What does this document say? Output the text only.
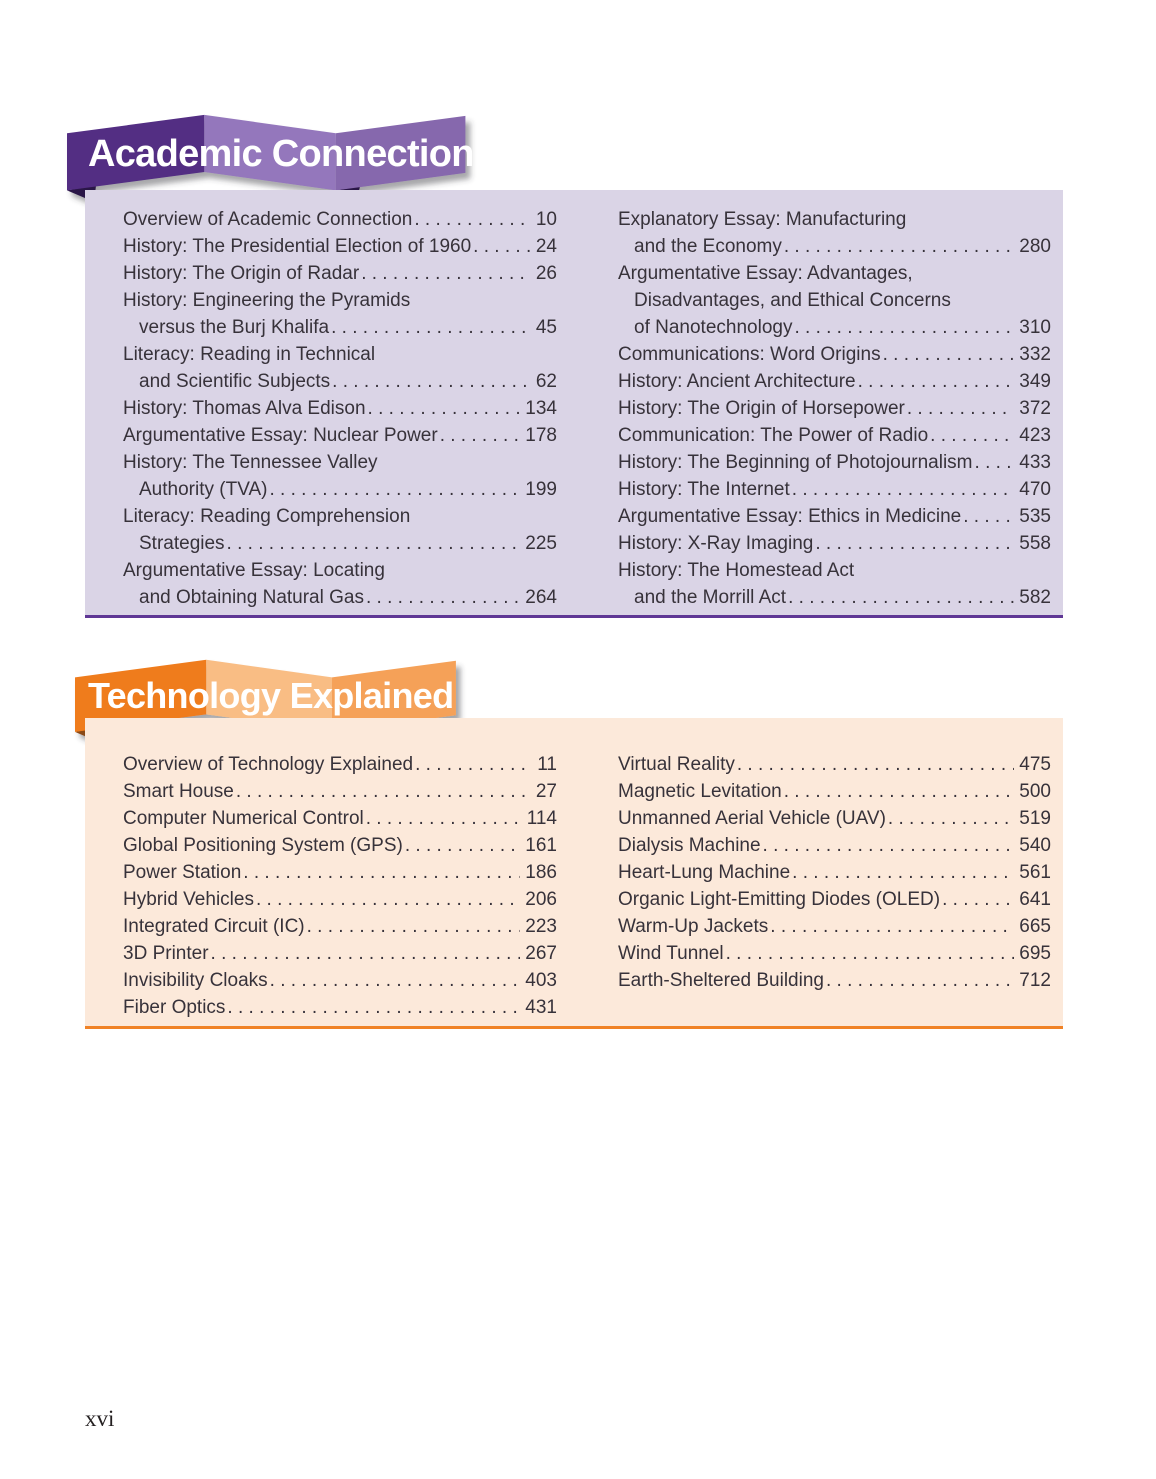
Academic Connection
Overview of Academic Connection . . .	10
History: The Presidential Election of 1960 . . .	24
History: The Origin of Radar . . .	26
History: Engineering the Pyramids
versus the Burj Khalifa . . .	45
Literacy: Reading in Technical
and Scientific Subjects . . .	62
History: Thomas Alva Edison . . .	134
Argumentative Essay: Nuclear Power . . .	178
History: The Tennessee Valley
Authority (TVA) . . .	199
Literacy: Reading Comprehension
Strategies . . .	225
Argumentative Essay: Locating
and Obtaining Natural Gas . . .	264
Explanatory Essay: Manufacturing
and the Economy . . .	280
Argumentative Essay: Advantages,
Disadvantages, and Ethical Concerns
of Nanotechnology . . .	310
Communications: Word Origins . . .	332
History: Ancient Architecture . . .	349
History: The Origin of Horsepower . . .	372
Communication: The Power of Radio . . .	423
History: The Beginning of Photojournalism . . . 433
History: The Internet . . .	470
Argumentative Essay: Ethics in Medicine . . .	535
History: X-Ray Imaging . . .	558
History: The Homestead Act
and the Morrill Act . . .	582
Technology Explained
Overview of Technology Explained . . .	11
Smart House . . .	27
Computer Numerical Control . . .	114
Global Positioning System (GPS) . . .	161
Power Station . . .	186
Hybrid Vehicles . . .	206
Integrated Circuit (IC) . . .	223
3D Printer . . .	267
Invisibility Cloaks . . .	403
Fiber Optics . . .	431
Virtual Reality . . .	475
Magnetic Levitation . . .	500
Unmanned Aerial Vehicle (UAV) . . .	519
Dialysis Machine . . .	540
Heart-Lung Machine . . .	561
Organic Light-Emitting Diodes (OLED) . . .	641
Warm-Up Jackets . . .	665
Wind Tunnel . . .	695
Earth-Sheltered Building . . .	712
xvi
